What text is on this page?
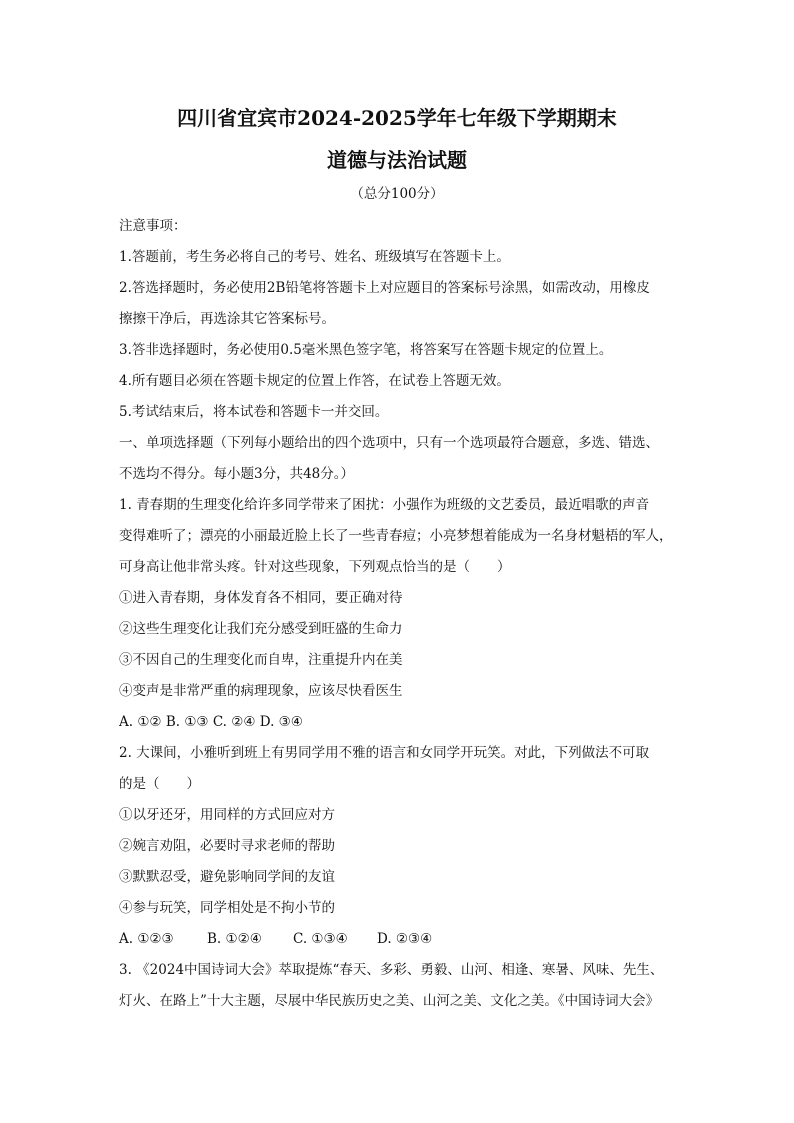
四川省宜宾市2024-2025学年七年级下学期期末
道德与法治试题
（总分100分）
注意事项：
1.答题前，考生务必将自己的考号、姓名、班级填写在答题卡上。
2.答选择题时，务必使用2B铅笔将答题卡上对应题目的答案标号涂黑，如需改动，用橡皮
擦擦干净后，再选涂其它答案标号。
3.答非选择题时，务必使用0.5毫米黑色签字笔，将答案写在答题卡规定的位置上。
4.所有题目必须在答题卡规定的位置上作答，在试卷上答题无效。
5.考试结束后，将本试卷和答题卡一并交回。
一、单项选择题（下列每小题给出的四个选项中，只有一个选项最符合题意，多选、错选、
不选均不得分。每小题3分，共48分。）
1. 青春期的生理变化给许多同学带来了困扰：小强作为班级的文艺委员，最近唱歌的声音
变得难听了；漂亮的小丽最近脸上长了一些青春痘；小亮梦想着能成为一名身材魁梧的军人，
可身高让他非常头疼。针对这些现象，下列观点恰当的是（　　）
①进入青春期，身体发育各不相同，要正确对待
②这些生理变化让我们充分感受到旺盛的生命力
③不因自己的生理变化而自卑，注重提升内在美
④变声是非常严重的病理现象，应该尽快看医生
A. ①② B. ①③ C. ②④ D. ③④
2. 大课间，小雅听到班上有男同学用不雅的语言和女同学开玩笑。对此，下列做法不可取
的是（　　）
①以牙还牙，用同样的方式回应对方
②婉言劝阻，必要时寻求老师的帮助
③默默忍受，避免影响同学间的友谊
④参与玩笑，同学相处是不拘小节的
A. ①②③ B. ①②④ C. ①③④ D. ②③④
3. 《2024中国诗词大会》萃取提炼“春天、多彩、勇毅、山河、相逢、寒暑、风味、先生、
灯火、在路上”十大主题，尽展中华民族历史之美、山河之美、文化之美。《中国诗词大会》
